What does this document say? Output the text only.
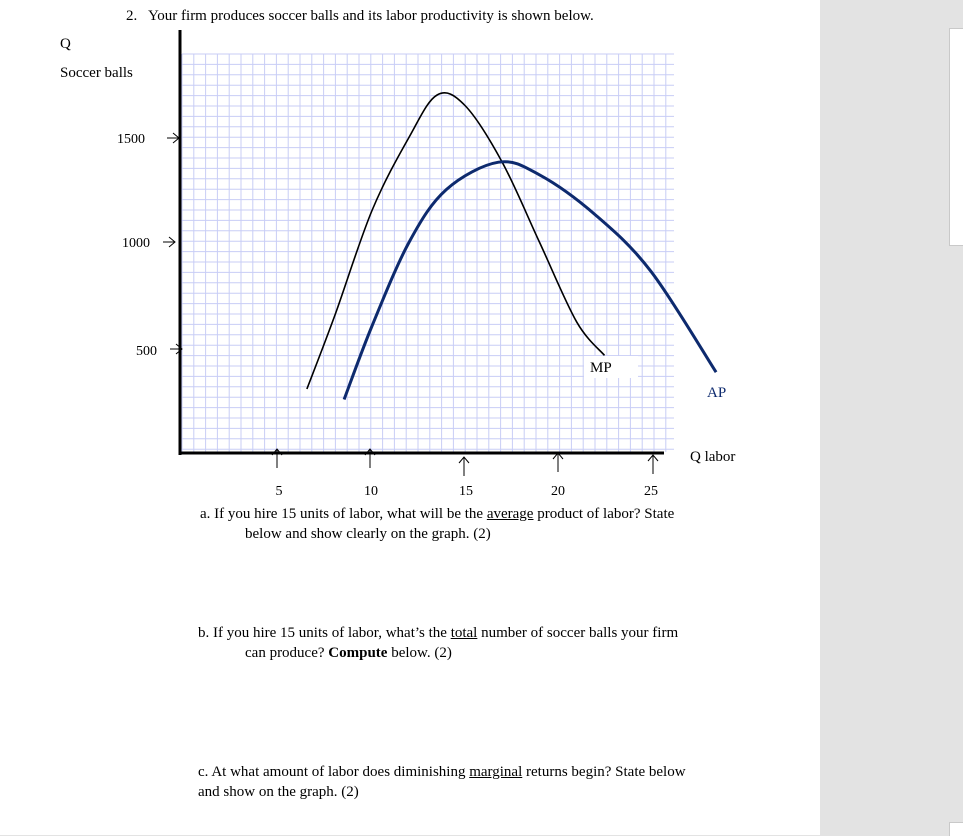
2. Your firm produces soccer balls and its labor productivity is shown below.
Q
Soccer balls
Q labor
1500
1000
500
5	10	15	20	25
MP
AP
a. If you hire 15 units of labor, what will be the average product of labor? State
below and show clearly on the graph. (2)
b. If you hire 15 units of labor, what’s the total number of soccer balls your firm
can produce? Compute below. (2)
c. At what amount of labor does diminishing marginal returns begin? State below
and show on the graph. (2)
